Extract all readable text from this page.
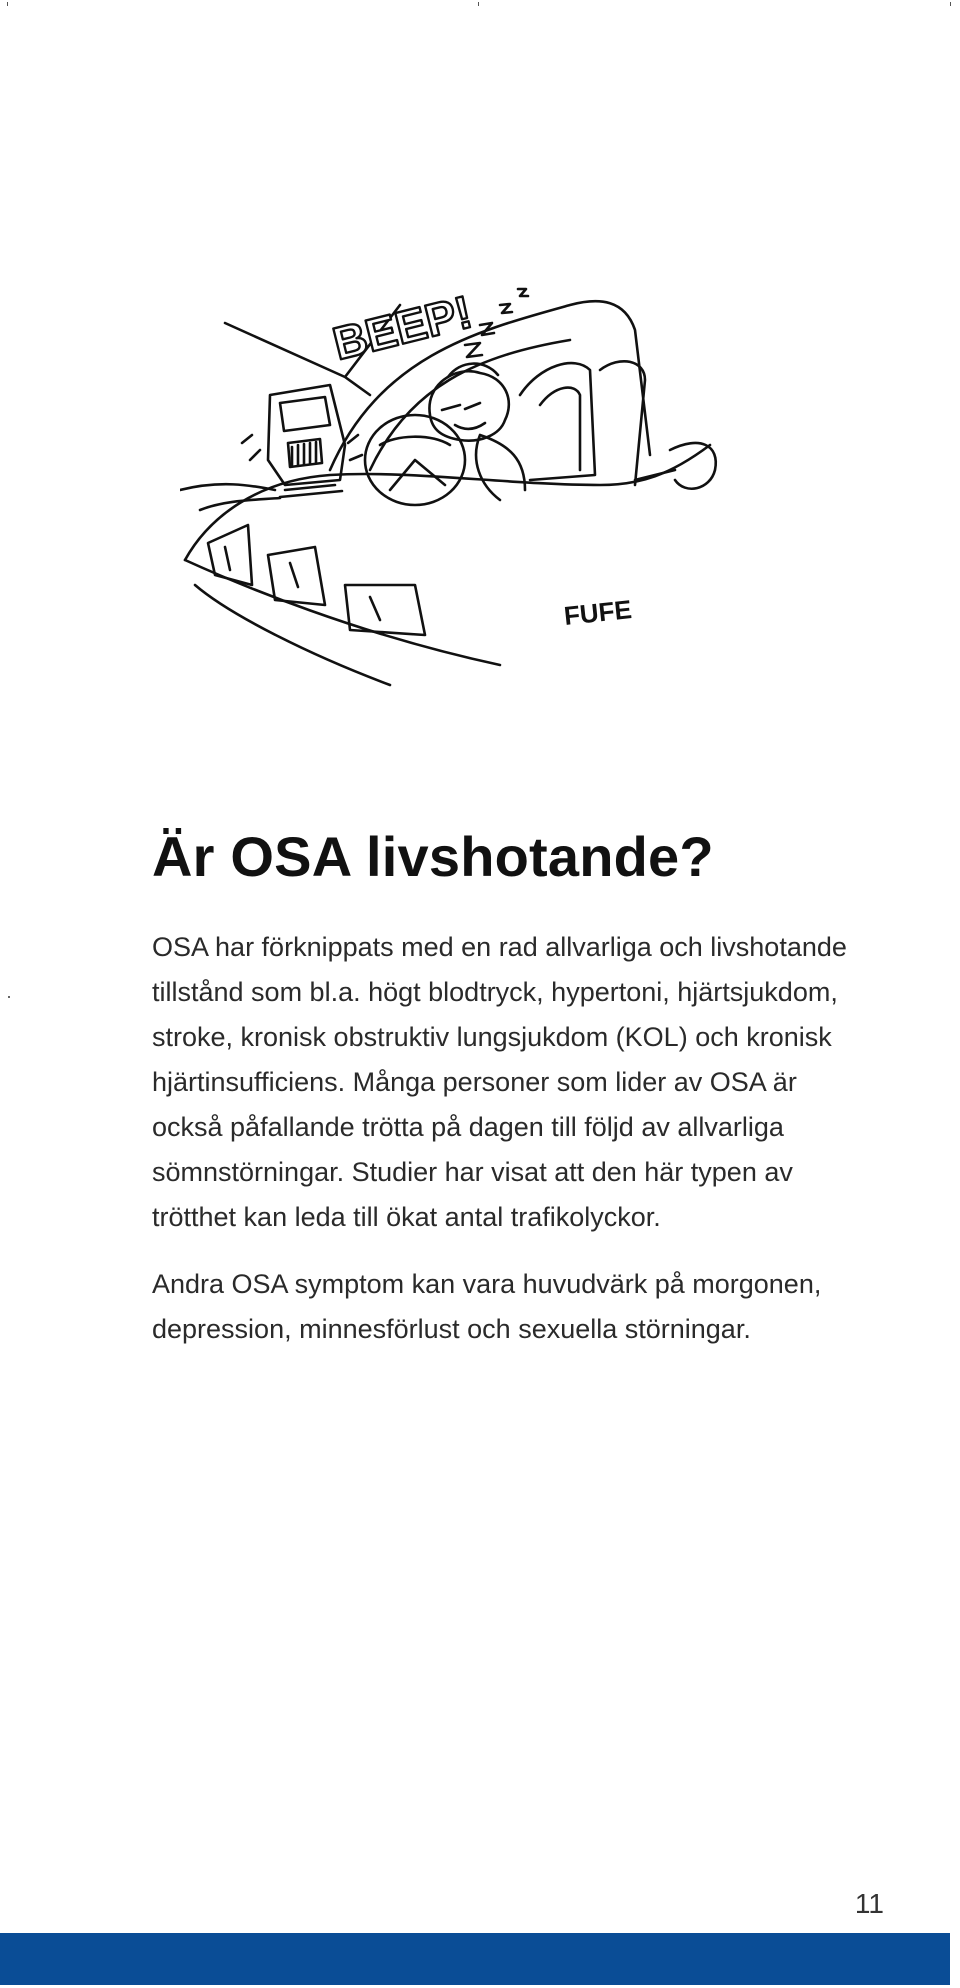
BEEP!
FUFE
Är OSA livshotande?

OSA har förknippats med en rad allvarliga och livshotande tillstånd som bl.a. högt blodtryck, hypertoni, hjärtsjukdom, stroke, kronisk obstruktiv lungsjukdom (KOL) och kronisk hjärtinsufficiens. Många personer som lider av OSA är också påfallande trötta på dagen till följd av allvarliga sömnstörningar. Studier har visat att den här typen av trötthet kan leda till ökat antal trafikolyckor.

Andra OSA symptom kan vara huvudvärk på morgonen, depression, minnesförlust och sexuella störningar.

11
